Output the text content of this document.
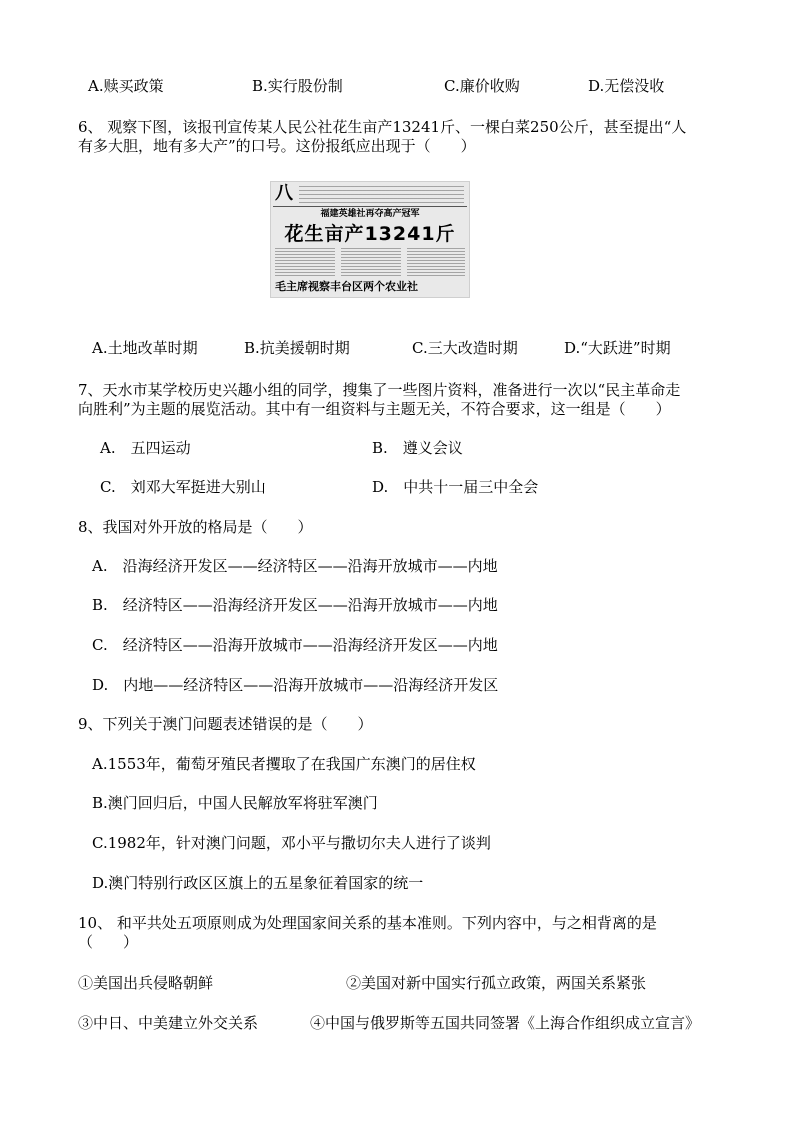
A.赎买政策	B.实行股份制	C.廉价收购	D.无偿没收
6、 观察下图，该报刊宣传某人民公社花生亩产13241斤、一棵白菜250公斤，甚至提出“人
有多大胆，地有多大产”的口号。这份报纸应出现于（　　）
八
福建英雄社再夺高产冠军
花生亩产13241斤
毛主席视察丰台区两个农业社
A.土地改革时期	B.抗美援朝时期	C.三大改造时期	D.“大跃进”时期
7、天水市某学校历史兴趣小组的同学，搜集了一些图片资料，准备进行一次以“民主革命走
向胜利”为主题的展览活动。其中有一组资料与主题无关，不符合要求，这一组是（　　）
A.　五四运动	B.　遵义会议
C.　刘邓大军挺进大别山	D.　中共十一届三中全会
8、我国对外开放的格局是（　　）
A.　沿海经济开发区——经济特区——沿海开放城市——内地
B.　经济特区——沿海经济开发区——沿海开放城市——内地
C.　经济特区——沿海开放城市——沿海经济开发区——内地
D.　内地——经济特区——沿海开放城市——沿海经济开发区
9、下列关于澳门问题表述错误的是（　　）
A.1553年，葡萄牙殖民者攫取了在我国广东澳门的居住权
B.澳门回归后，中国人民解放军将驻军澳门
C.1982年，针对澳门问题，邓小平与撒切尔夫人进行了谈判
D.澳门特别行政区区旗上的五星象征着国家的统一
10、 和平共处五项原则成为处理国家间关系的基本准则。下列内容中，与之相背离的是
（　　）
①美国出兵侵略朝鲜	②美国对新中国实行孤立政策，两国关系紧张
③中日、中美建立外交关系	④中国与俄罗斯等五国共同签署《上海合作组织成立宣言》
